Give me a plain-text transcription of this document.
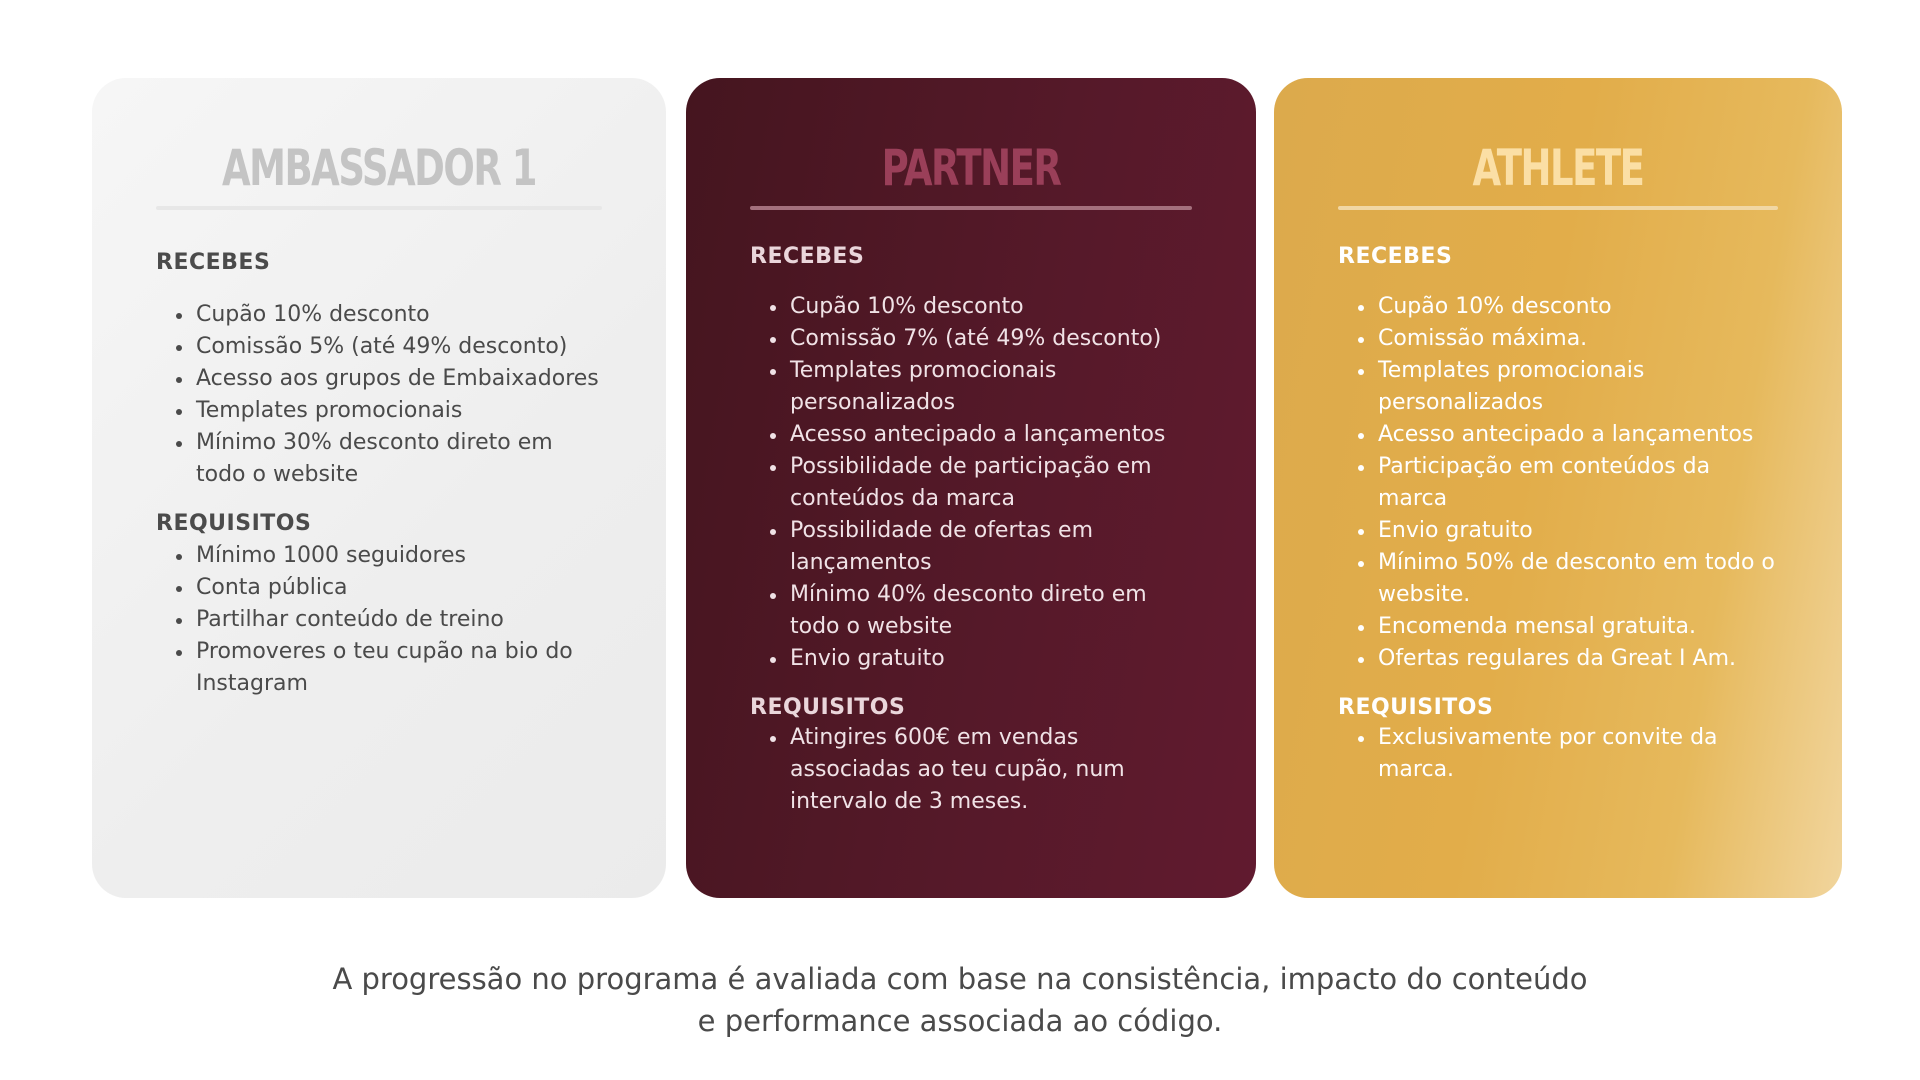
AMBASSADOR 1

RECEBES

Cupão 10% desconto
Comissão 5% (até 49% desconto)
Acesso aos grupos de Embaixadores
Templates promocionais
Mínimo 30% desconto direto em todo o website

REQUISITOS

Mínimo 1000 seguidores
Conta pública
Partilhar conteúdo de treino
Promoveres o teu cupão na bio do Instagram
PARTNER

RECEBES

Cupão 10% desconto
Comissão 7% (até 49% desconto)
Templates promocionais personalizados
Acesso antecipado a lançamentos
Possibilidade de participação em conteúdos da marca
Possibilidade de ofertas em lançamentos
Mínimo 40% desconto direto em todo o website
Envio gratuito

REQUISITOS

Atingires 600€ em vendas associadas ao teu cupão, num intervalo de 3 meses.
ATHLETE

RECEBES

Cupão 10% desconto
Comissão máxima.
Templates promocionais personalizados
Acesso antecipado a lançamentos
Participação em conteúdos da marca
Envio gratuito
Mínimo 50% de desconto em todo o website.
Encomenda mensal gratuita.
Ofertas regulares da Great I Am.

REQUISITOS

Exclusivamente por convite da marca.
A progressão no programa é avaliada com base na consistência, impacto do conteúdo
e performance associada ao código.
